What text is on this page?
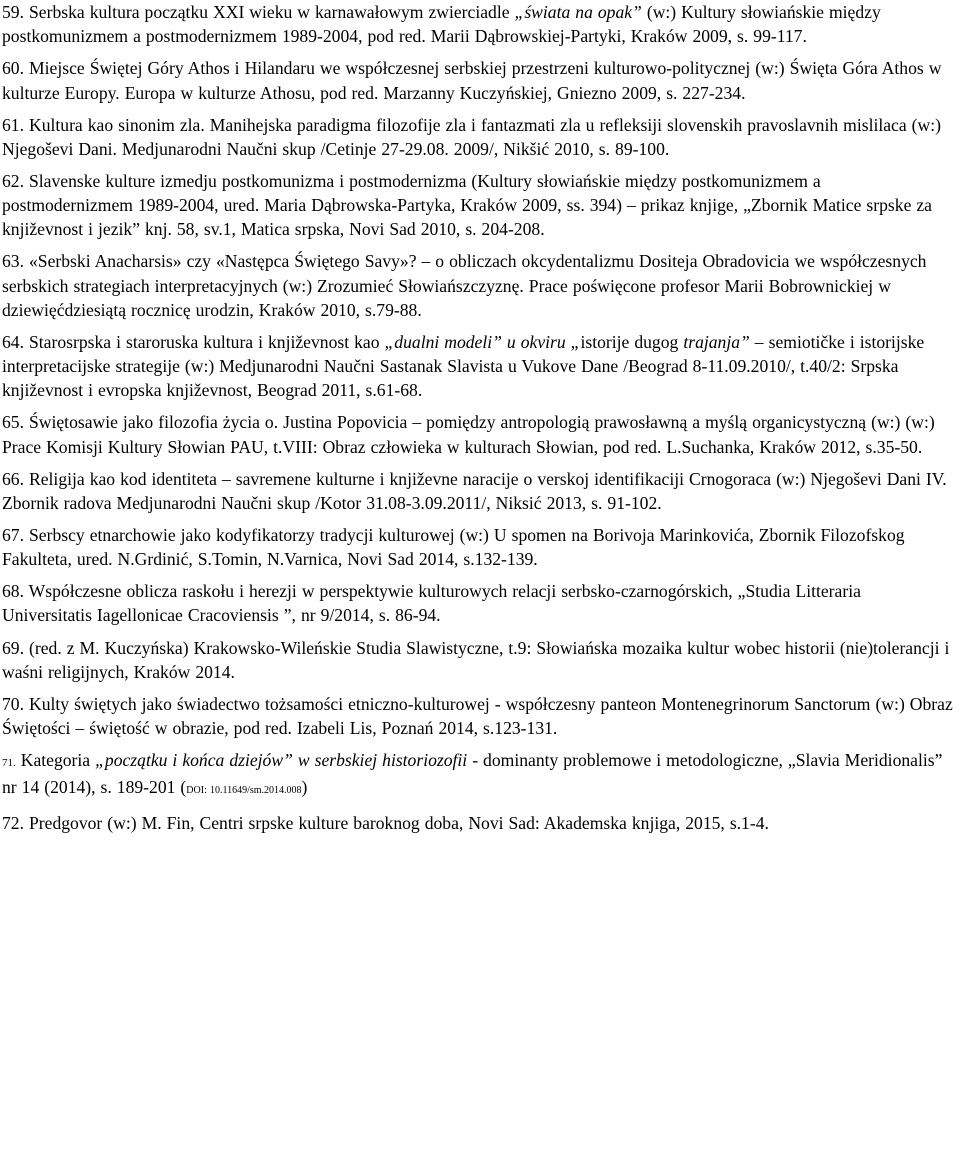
59. Serbska kultura początku XXI wieku w karnawałowym zwierciadle „świata na opak” (w:) Kultury słowiańskie między postkomunizmem a postmodernizmem 1989-2004, pod red. Marii Dąbrowskiej-Partyki, Kraków 2009, s. 99-117.

60. Miejsce Świętej Góry Athos i Hilandaru we współczesnej serbskiej przestrzeni kulturowo-politycznej (w:) Święta Góra Athos w kulturze Europy. Europa w kulturze Athosu, pod red. Marzanny Kuczyńskiej, Gniezno 2009, s. 227-234.

61. Kultura kao sinonim zla. Manihejska paradigma filozofije zla i fantazmati zla u refleksiji slovenskih pravoslavnih mislilaca (w:) Njegoševi Dani. Medjunarodni Naučni skup /Cetinje 27-29.08. 2009/, Nikšić 2010, s. 89-100.

62. Slavenske kulture izmedju postkomunizma i postmodernizma (Kultury słowiańskie między postkomunizmem a postmodernizmem 1989-2004, ured. Maria Dąbrowska-Partyka, Kraków 2009, ss. 394) – prikaz knjige, „Zbornik Matice srpske za književnost i jezik” knj. 58, sv.1, Matica srpska, Novi Sad 2010, s. 204-208.

63. «Serbski Anacharsis» czy «Następca Świętego Savy»? – o obliczach okcydentalizmu Dositeja Obradovicia we współczesnych serbskich strategiach interpretacyjnych (w:) Zrozumieć Słowiańszczyznę. Prace poświęcone profesor Marii Bobrownickiej w dziewięćdziesiątą rocznicę urodzin, Kraków 2010, s.79-88.

64. Starosrpska i staroruska kultura i književnost kao „dualni modeli” u okviru „istorije dugog trajanja” – semiotičke i istorijske interpretacijske strategije (w:) Medjunarodni Naučni Sastanak Slavista u Vukove Dane /Beograd 8-11.09.2010/, t.40/2: Srpska književnost i evropska književnost, Beograd 2011, s.61-68.

65. Świętosawie jako filozofia życia o. Justina Popovicia – pomiędzy antropologią prawosławną a myślą organicystyczną (w:) (w:) Prace Komisji Kultury Słowian PAU, t.VIII: Obraz człowieka w kulturach Słowian, pod red. L.Suchanka, Kraków 2012, s.35-50.

66. Religija kao kod identiteta – savremene kulturne i književne naracije o verskoj identifikaciji Crnogoraca (w:) Njegoševi Dani IV. Zbornik radova Medjunarodni Naučni skup /Kotor 31.08-3.09.2011/, Niksić 2013, s. 91-102.

67. Serbscy etnarchowie jako kodyfikatorzy tradycji kulturowej (w:) U spomen na Borivoja Marinkovića, Zbornik Filozofskog Fakulteta, ured. N.Grdinić, S.Tomin, N.Varnica, Novi Sad 2014, s.132-139.

68. Współczesne oblicza raskołu i herezji w perspektywie kulturowych relacji serbsko-czarnogórskich, „Studia Litteraria Universitatis Iagellonicae Cracoviensis ”, nr 9/2014, s. 86-94.

69. (red. z M. Kuczyńska) Krakowsko-Wileńskie Studia Slawistyczne, t.9: Słowiańska mozaika kultur wobec historii (nie)tolerancji i waśni religijnych, Kraków 2014.

70. Kulty świętych jako świadectwo tożsamości etniczno-kulturowej - współczesny panteon Montenegrinorum Sanctorum (w:) Obraz Świętości – świętość w obrazie, pod red. Izabeli Lis, Poznań 2014, s.123-131.

71. Kategoria „początku i końca dziejów” w serbskiej historiozofii - dominanty problemowe i metodologiczne, „Slavia Meridionalis” nr 14 (2014), s. 189-201 (DOI: 10.11649/sm.2014.008)

72. Predgovor (w:) M. Fin, Centri srpske kulture baroknog doba, Novi Sad: Akademska knjiga, 2015, s.1-4.
